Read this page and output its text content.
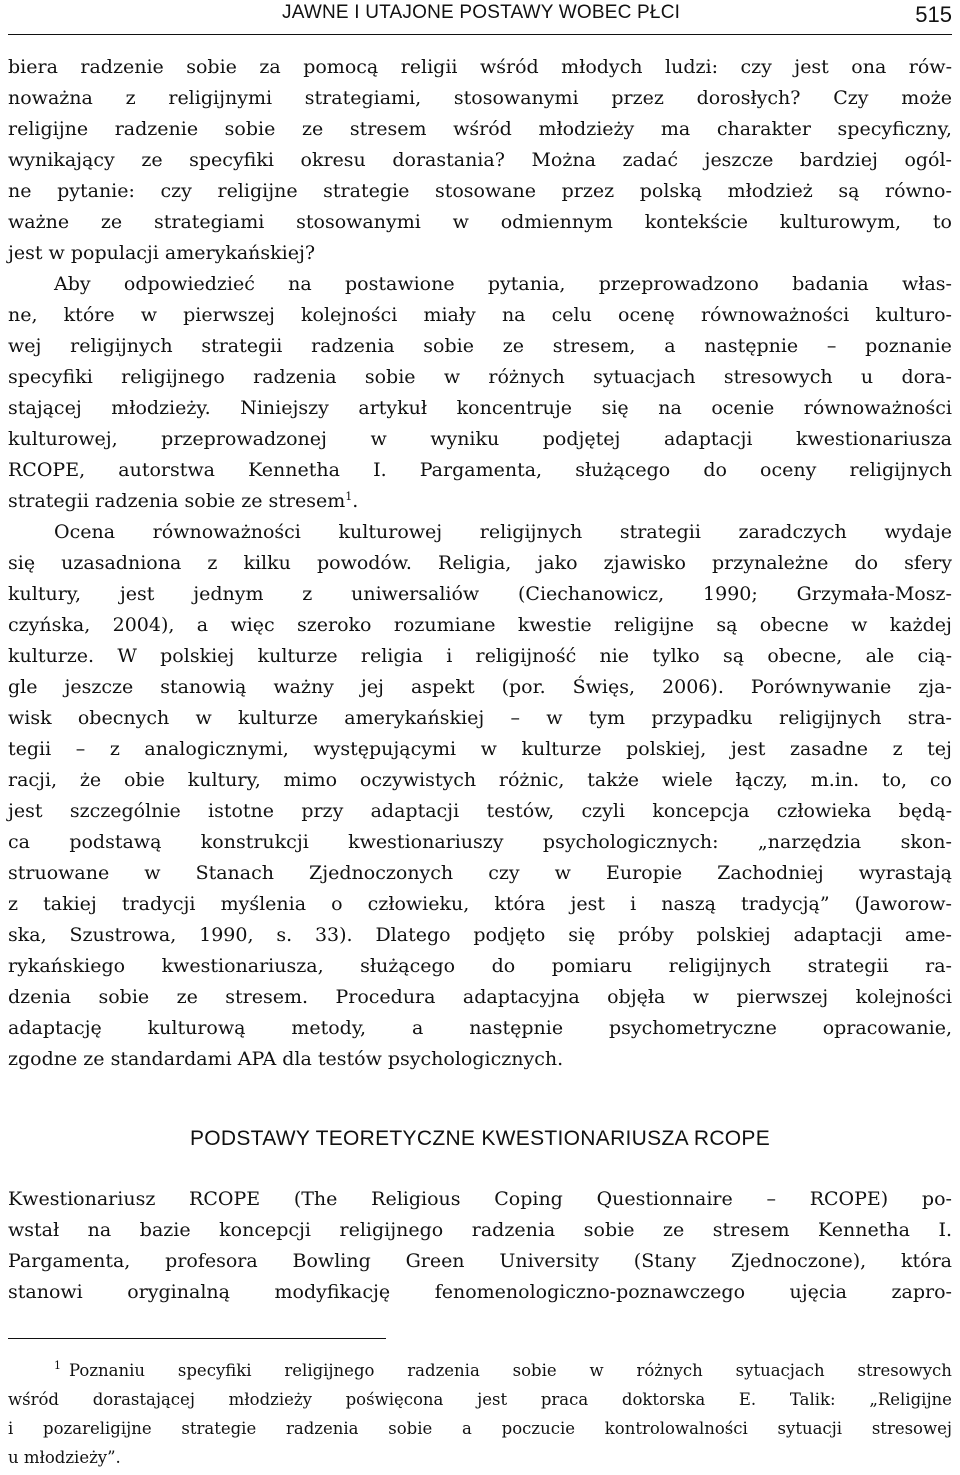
JAWNE I UTAJONE POSTAWY WOBEC PŁCI	515
biera radzenie sobie za pomocą religii wśród młodych ludzi: czy jest ona rów-
noważna z religijnymi strategiami, stosowanymi przez dorosłych? Czy może
religijne radzenie sobie ze stresem wśród młodzieży ma charakter specyficzny,
wynikający ze specyfiki okresu dorastania? Można zadać jeszcze bardziej ogól-
ne pytanie: czy religijne strategie stosowane przez polską młodzież są równo-
ważne ze strategiami stosowanymi w odmiennym kontekście kulturowym, to
jest w populacji amerykańskiej?
Aby odpowiedzieć na postawione pytania, przeprowadzono badania włas-
ne, które w pierwszej kolejności miały na celu ocenę równoważności kulturo-
wej religijnych strategii radzenia sobie ze stresem, a następnie – poznanie
specyfiki religijnego radzenia sobie w różnych sytuacjach stresowych u dora-
stającej młodzieży. Niniejszy artykuł koncentruje się na ocenie równoważności
kulturowej, przeprowadzonej w wyniku podjętej adaptacji kwestionariusza
RCOPE, autorstwa Kennetha I. Pargamenta, służącego do oceny religijnych
strategii radzenia sobie ze stresem$^1$.
Ocena równoważności kulturowej religijnych strategii zaradczych wydaje
się uzasadniona z kilku powodów. Religia, jako zjawisko przynależne do sfery
kultury, jest jednym z uniwersaliów (Ciechanowicz, 1990; Grzymała-Mosz-
czyńska, 2004), a więc szeroko rozumiane kwestie religijne są obecne w każdej
kulturze. W polskiej kulturze religia i religijność nie tylko są obecne, ale cią-
gle jeszcze stanowią ważny jej aspekt (por. Święs, 2006). Porównywanie zja-
wisk obecnych w kulturze amerykańskiej – w tym przypadku religijnych stra-
tegii – z analogicznymi, występującymi w kulturze polskiej, jest zasadne z tej
racji, że obie kultury, mimo oczywistych różnic, także wiele łączy, m.in. to, co
jest szczególnie istotne przy adaptacji testów, czyli koncepcja człowieka będą-
ca podstawą konstrukcji kwestionariuszy psychologicznych: „narzędzia skon-
struowane w Stanach Zjednoczonych czy w Europie Zachodniej wyrastają
z takiej tradycji myślenia o człowieku, która jest i naszą tradycją” (Jaworow-
ska, Szustrowa, 1990, s. 33). Dlatego podjęto się próby polskiej adaptacji ame-
rykańskiego kwestionariusza, służącego do pomiaru religijnych strategii ra-
dzenia sobie ze stresem. Procedura adaptacyjna objęła w pierwszej kolejności
adaptację kulturową metody, a następnie psychometryczne opracowanie,
zgodne ze standardami APA dla testów psychologicznych.
PODSTAWY TEORETYCZNE KWESTIONARIUSZA RCOPE
Kwestionariusz RCOPE (The Religious Coping Questionnaire – RCOPE) po-
wstał na bazie koncepcji religijnego radzenia sobie ze stresem Kennetha I.
Pargamenta, profesora Bowling Green University (Stany Zjednoczone), która
stanowi oryginalną modyfikację fenomenologiczno-poznawczego ujęcia zapro-
$^1$ Poznaniu specyfiki religijnego radzenia sobie w różnych sytuacjach stresowych
wśród dorastającej młodzieży poświęcona jest praca doktorska E. Talik: „Religijne
i pozareligijne strategie radzenia sobie a poczucie kontrolowalności sytuacji stresowej
u młodzieży”.
